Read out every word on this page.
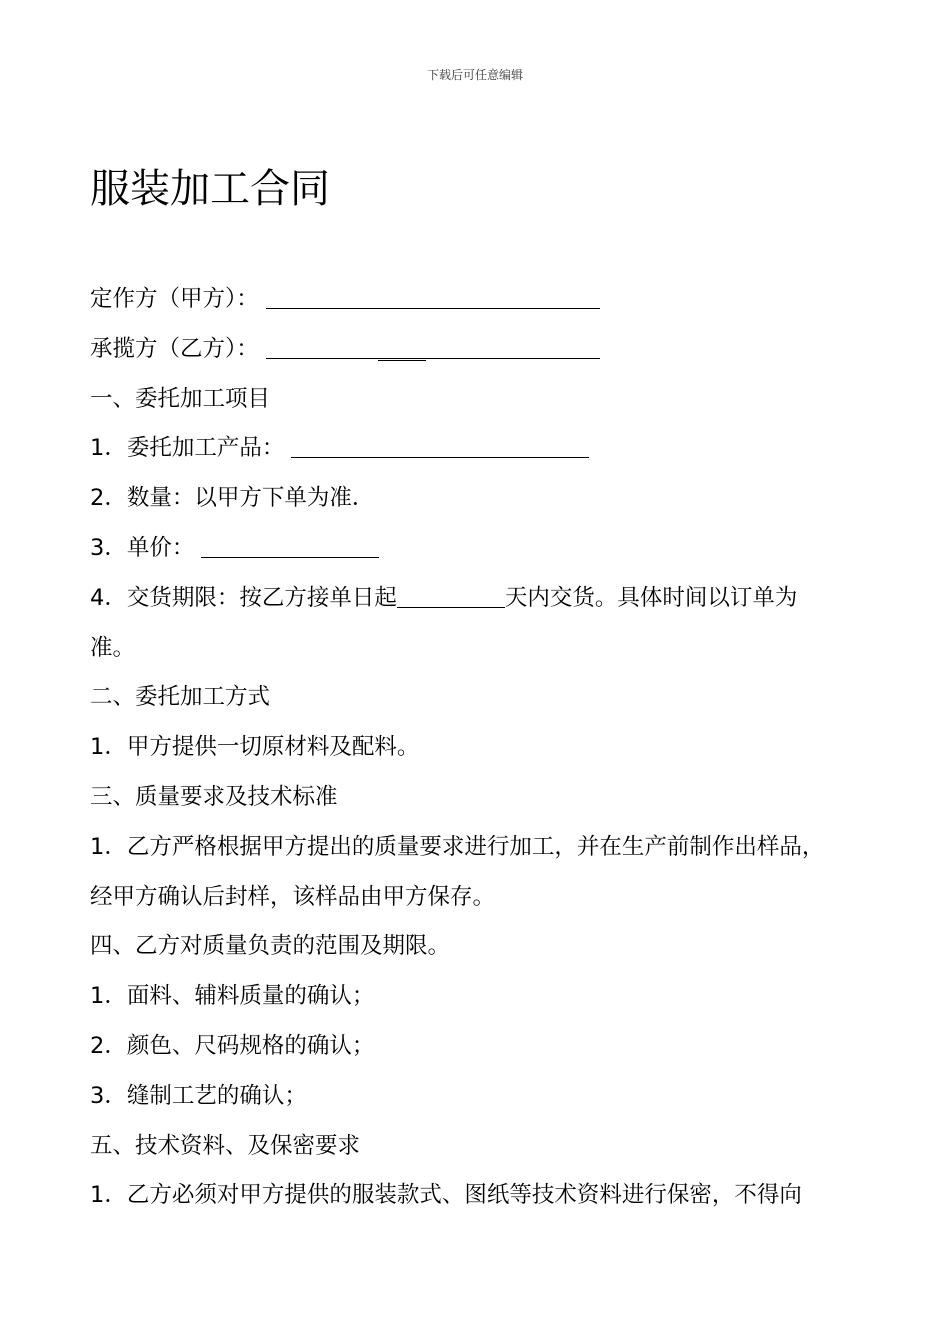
下载后可任意编辑
服装加工合同
定作方（甲方）：
承揽方（乙方）：
一、委托加工项目
1．委托加工产品：
2．数量：以甲方下单为准．
3．单价：
4．交货期限：按乙方接单日起	天内交货。具体时间以订单为
准。
二、委托加工方式
1．甲方提供一切原材料及配料。
三、质量要求及技术标准
1．乙方严格根据甲方提出的质量要求进行加工，并在生产前制作出样品，
经甲方确认后封样，该样品由甲方保存。
四、乙方对质量负责的范围及期限。
1．面料、辅料质量的确认；
2．颜色、尺码规格的确认；
3．缝制工艺的确认；
五、技术资料、及保密要求
1．乙方必须对甲方提供的服装款式、图纸等技术资料进行保密，不得向
